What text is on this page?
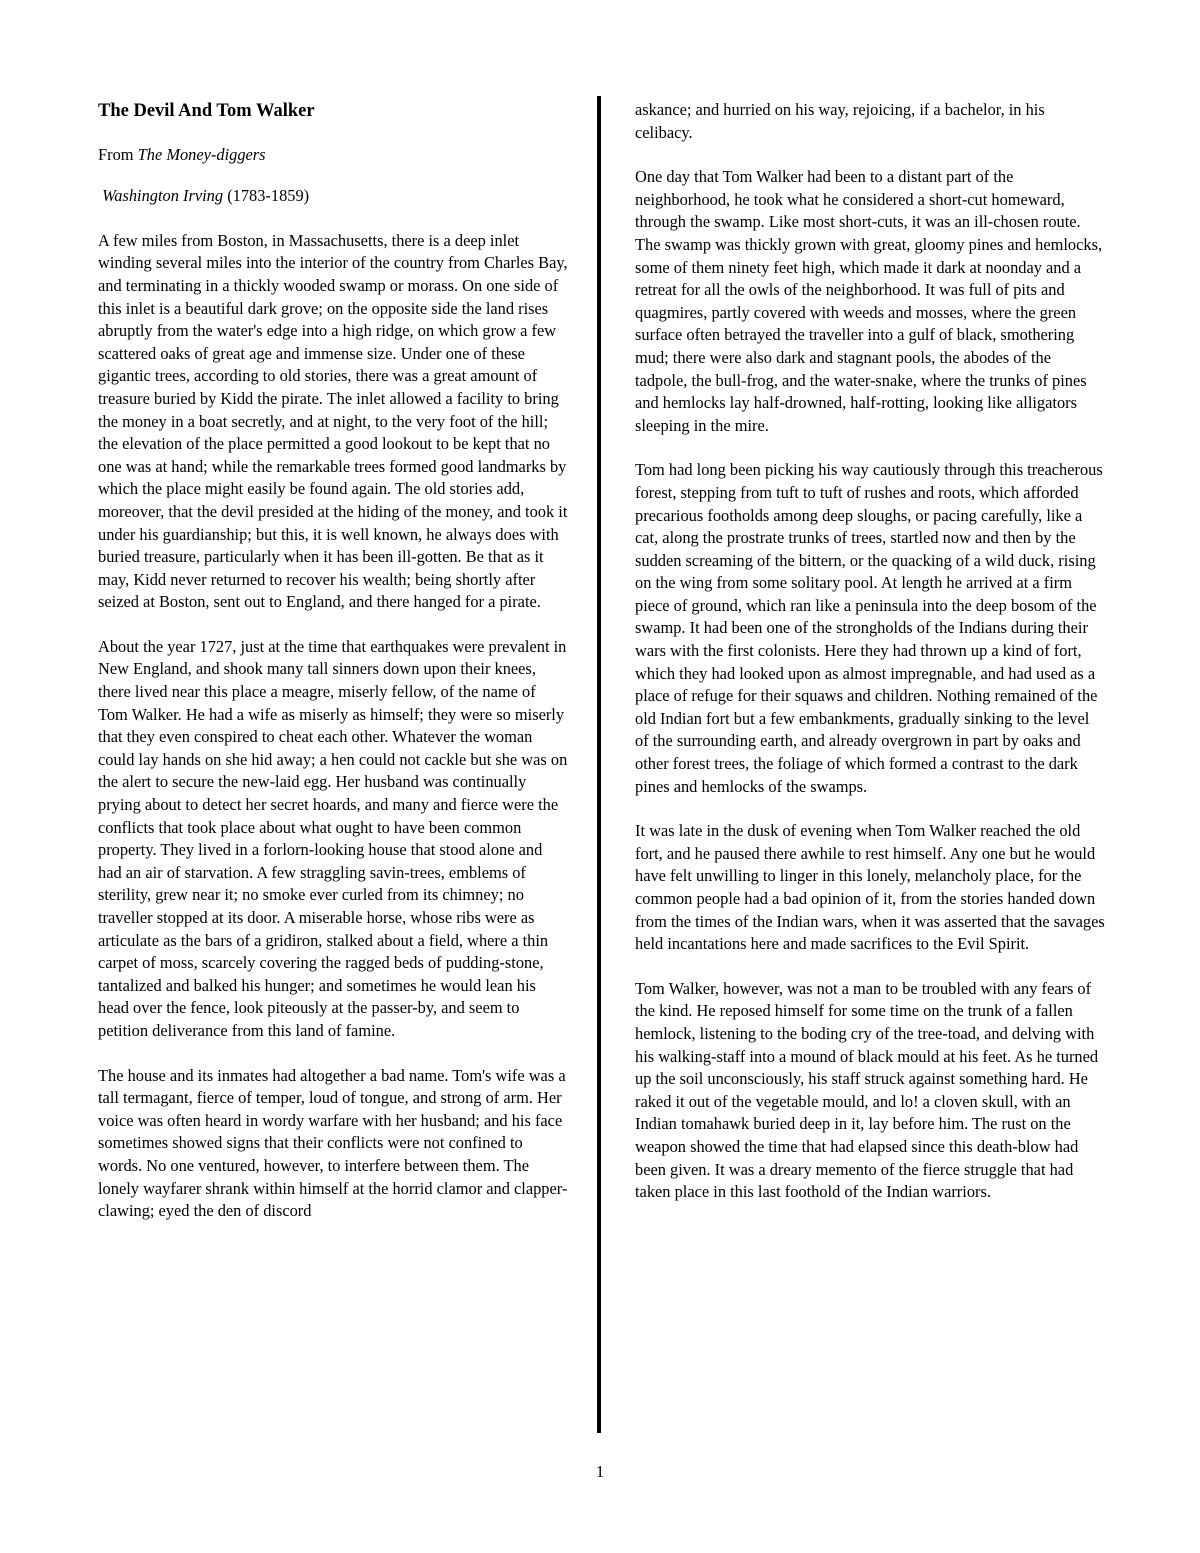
The Devil And Tom Walker
From The Money-diggers
Washington Irving (1783-1859)

A few miles from Boston, in Massachusetts, there is a deep inlet winding several miles into the interior of the country from Charles Bay, and terminating in a thickly wooded swamp or morass. On one side of this inlet is a beautiful dark grove; on the opposite side the land rises abruptly from the water's edge into a high ridge, on which grow a few scattered oaks of great age and immense size. Under one of these gigantic trees, according to old stories, there was a great amount of treasure buried by Kidd the pirate. The inlet allowed a facility to bring the money in a boat secretly, and at night, to the very foot of the hill; the elevation of the place permitted a good lookout to be kept that no one was at hand; while the remarkable trees formed good landmarks by which the place might easily be found again. The old stories add, moreover, that the devil presided at the hiding of the money, and took it under his guardianship; but this, it is well known, he always does with buried treasure, particularly when it has been ill-gotten. Be that as it may, Kidd never returned to recover his wealth; being shortly after seized at Boston, sent out to England, and there hanged for a pirate.

About the year 1727, just at the time that earthquakes were prevalent in New England, and shook many tall sinners down upon their knees, there lived near this place a meagre, miserly fellow, of the name of Tom Walker. He had a wife as miserly as himself; they were so miserly that they even conspired to cheat each other. Whatever the woman could lay hands on she hid away; a hen could not cackle but she was on the alert to secure the new-laid egg. Her husband was continually prying about to detect her secret hoards, and many and fierce were the conflicts that took place about what ought to have been common property. They lived in a forlorn-looking house that stood alone and had an air of starvation. A few straggling savin-trees, emblems of sterility, grew near it; no smoke ever curled from its chimney; no traveller stopped at its door. A miserable horse, whose ribs were as articulate as the bars of a gridiron, stalked about a field, where a thin carpet of moss, scarcely covering the ragged beds of pudding-stone, tantalized and balked his hunger; and sometimes he would lean his head over the fence, look piteously at the passer-by, and seem to petition deliverance from this land of famine.

The house and its inmates had altogether a bad name. Tom's wife was a tall termagant, fierce of temper, loud of tongue, and strong of arm. Her voice was often heard in wordy warfare with her husband; and his face sometimes showed signs that their conflicts were not confined to words. No one ventured, however, to interfere between them. The lonely wayfarer shrank within himself at the horrid clamor and clapper-clawing; eyed the den of discord

askance; and hurried on his way, rejoicing, if a bachelor, in his celibacy.

One day that Tom Walker had been to a distant part of the neighborhood, he took what he considered a short-cut homeward, through the swamp. Like most short-cuts, it was an ill-chosen route. The swamp was thickly grown with great, gloomy pines and hemlocks, some of them ninety feet high, which made it dark at noonday and a retreat for all the owls of the neighborhood. It was full of pits and quagmires, partly covered with weeds and mosses, where the green surface often betrayed the traveller into a gulf of black, smothering mud; there were also dark and stagnant pools, the abodes of the tadpole, the bull-frog, and the water-snake, where the trunks of pines and hemlocks lay half-drowned, half-rotting, looking like alligators sleeping in the mire.

Tom had long been picking his way cautiously through this treacherous forest, stepping from tuft to tuft of rushes and roots, which afforded precarious footholds among deep sloughs, or pacing carefully, like a cat, along the prostrate trunks of trees, startled now and then by the sudden screaming of the bittern, or the quacking of a wild duck, rising on the wing from some solitary pool. At length he arrived at a firm piece of ground, which ran like a peninsula into the deep bosom of the swamp. It had been one of the strongholds of the Indians during their wars with the first colonists. Here they had thrown up a kind of fort, which they had looked upon as almost impregnable, and had used as a place of refuge for their squaws and children. Nothing remained of the old Indian fort but a few embankments, gradually sinking to the level of the surrounding earth, and already overgrown in part by oaks and other forest trees, the foliage of which formed a contrast to the dark pines and hemlocks of the swamps.

It was late in the dusk of evening when Tom Walker reached the old fort, and he paused there awhile to rest himself. Any one but he would have felt unwilling to linger in this lonely, melancholy place, for the common people had a bad opinion of it, from the stories handed down from the times of the Indian wars, when it was asserted that the savages held incantations here and made sacrifices to the Evil Spirit.

Tom Walker, however, was not a man to be troubled with any fears of the kind. He reposed himself for some time on the trunk of a fallen hemlock, listening to the boding cry of the tree-toad, and delving with his walking-staff into a mound of black mould at his feet. As he turned up the soil unconsciously, his staff struck against something hard. He raked it out of the vegetable mould, and lo! a cloven skull, with an Indian tomahawk buried deep in it, lay before him. The rust on the weapon showed the time that had elapsed since this death-blow had been given. It was a dreary memento of the fierce struggle that had taken place in this last foothold of the Indian warriors.

1
